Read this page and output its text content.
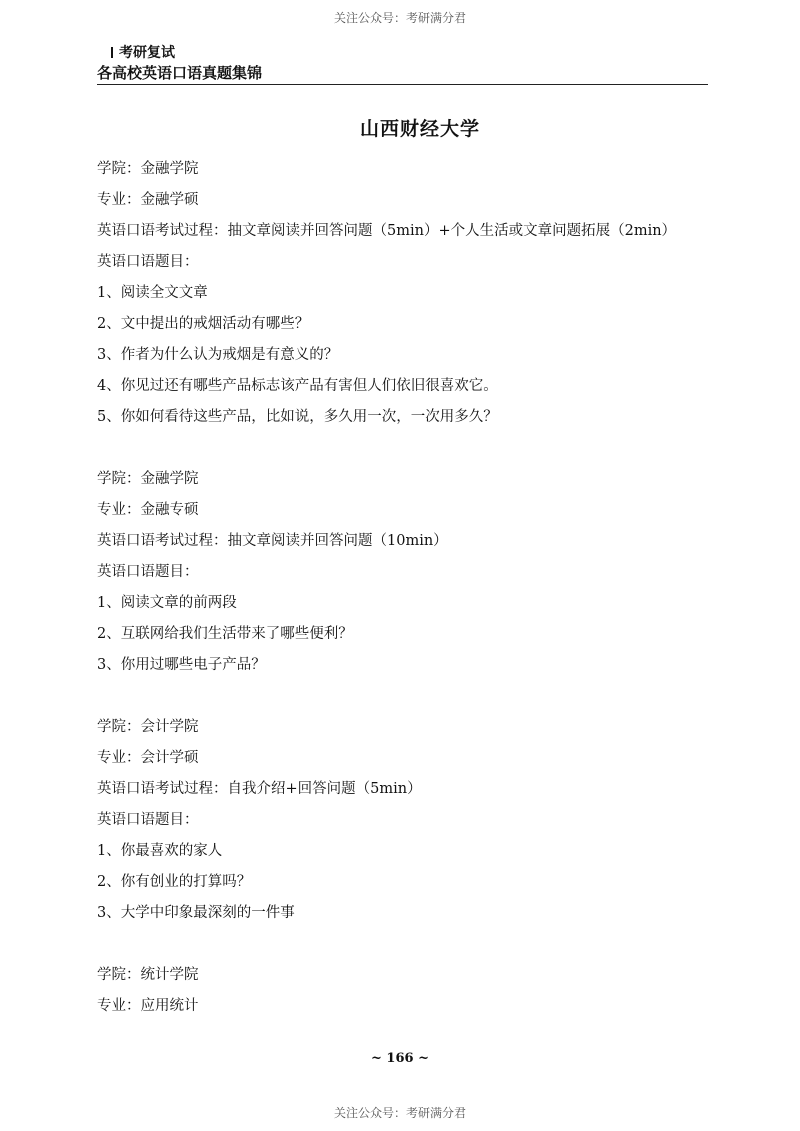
关注公众号：考研满分君
考研复试
各高校英语口语真题集锦
山西财经大学
学院：金融学院
专业：金融学硕
英语口语考试过程：抽文章阅读并回答问题（5min）+个人生活或文章问题拓展（2min）
英语口语题目：
1、阅读全文文章
2、文中提出的戒烟活动有哪些？
3、作者为什么认为戒烟是有意义的？
4、你见过还有哪些产品标志该产品有害但人们依旧很喜欢它。
5、你如何看待这些产品，比如说，多久用一次，一次用多久？
学院：金融学院
专业：金融专硕
英语口语考试过程：抽文章阅读并回答问题（10min）
英语口语题目：
1、阅读文章的前两段
2、互联网给我们生活带来了哪些便利？
3、你用过哪些电子产品？
学院：会计学院
专业：会计学硕
英语口语考试过程：自我介绍+回答问题（5min）
英语口语题目：
1、你最喜欢的家人
2、你有创业的打算吗？
3、大学中印象最深刻的一件事
学院：统计学院
专业：应用统计
~ 166 ~
关注公众号：考研满分君
